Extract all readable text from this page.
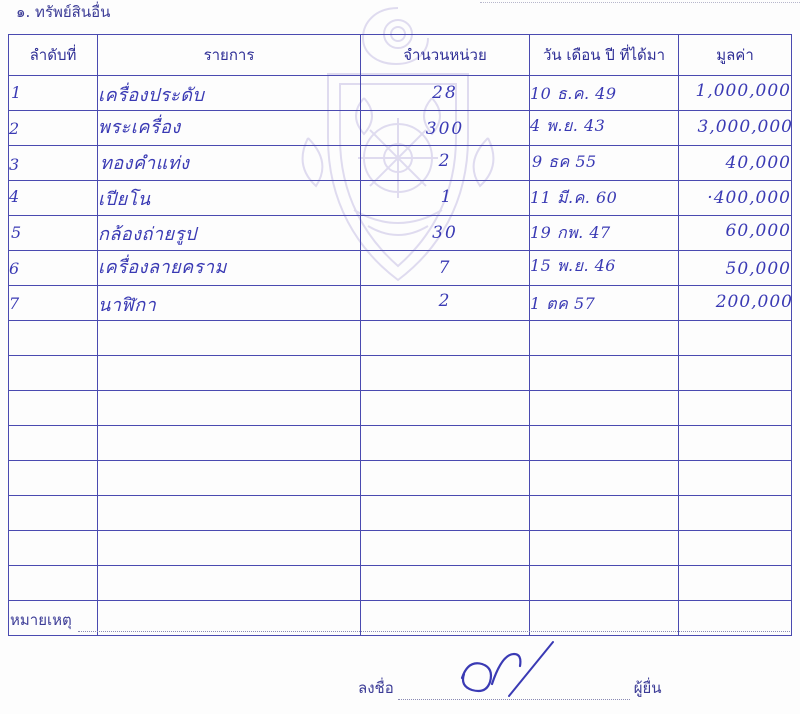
๑. ทรัพย์สินอื่น
ลำดับที่	รายการ	จำนวนหน่วย	วัน เดือน ปี ที่ได้มา	มูลค่า
1	เครื่องประดับ	28	10 ธ.ค. 49	1,000,000
2	พระเครื่อง	300	4 พ.ย. 43	3,000,000
3	ทองคำแท่ง	2	9 ธค 55	40,000
4	เปียโน	1	11 มี.ค. 60	·400,000
5	กล้องถ่ายรูป	30	19 กพ. 47	60,000
6	เครื่องลายคราม	7	15 พ.ย. 46	50,000
7	นาฬิกา	2	1 ตค 57	200,000

หมายเหตุ
ลงชื่อ	ผู้ยื่น
